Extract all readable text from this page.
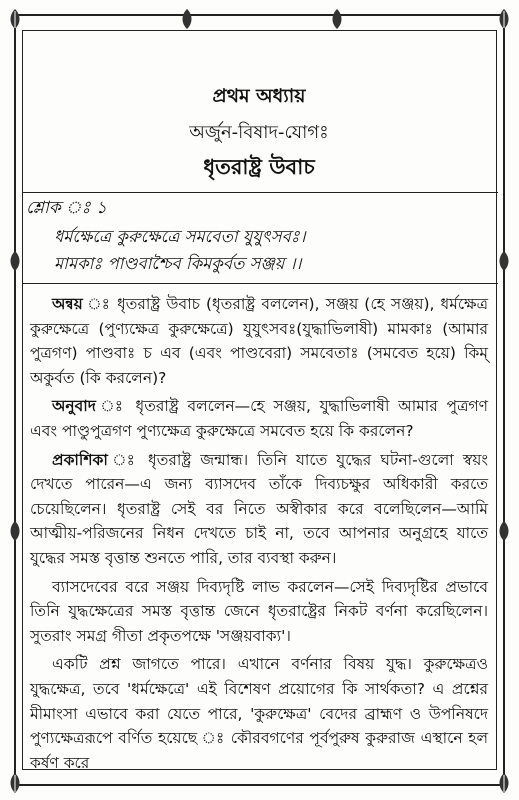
প্রথম অধ্যায়
অর্জুন-বিষাদ-যোগঃ
ধৃতরাষ্ট্র উবাচ
শ্লোক ঃ ১
ধর্মক্ষেত্রে কুরুক্ষেত্রে সমবেতা যুযুৎসবঃ।
মামকাঃ পাণ্ডবাশ্চৈব কিমকুর্বত সঞ্জয় ।।

অন্বয় ঃ ধৃতরাষ্ট্র উবাচ (ধৃতরাষ্ট্র বললেন), সঞ্জয় (হে সঞ্জয়), ধর্মক্ষেত্র কুরুক্ষেত্রে (পুণ্যক্ষেত্র কুরুক্ষেত্রে) যুযুৎসবঃ(যুদ্ধাভিলাষী) মামকাঃ (আমার পুত্রগণ) পাণ্ডবাঃ চ এব (এবং পাণ্ডবেরা) সমবেতাঃ (সমবেত হয়ে) কিম্ অকুর্বত (কি করলেন)?

অনুবাদ ঃ ধৃতরাষ্ট্র বললেন—হে সঞ্জয়, যুদ্ধাভিলাষী আমার পুত্রগণ এবং পাণ্ডুপুত্রগণ পুণ্যক্ষেত্র কুরুক্ষেত্রে সমবেত হয়ে কি করলেন?

প্রকাশিকা ঃ ধৃতরাষ্ট্র জন্মান্ধ। তিনি যাতে যুদ্ধের ঘটনা-গুলো স্বয়ং দেখতে পারেন—এ জন্য ব্যাসদেব তাঁকে দিব্যচক্ষুর অধিকারী করতে চেয়েছিলেন। ধৃতরাষ্ট্র সেই বর নিতে অস্বীকার করে বলেছিলেন—আমি আত্মীয়-পরিজনের নিধন দেখতে চাই না, তবে আপনার অনুগ্রহে যাতে যুদ্ধের সমস্ত বৃত্তান্ত শুনতে পারি, তার ব্যবস্থা করুন।

ব্যাসদেবের বরে সঞ্জয় দিব্যদৃষ্টি লাভ করলেন—সেই দিব্যদৃষ্টির প্রভাবে তিনি যুদ্ধক্ষেত্রের সমস্ত বৃত্তান্ত জেনে ধৃতরাষ্ট্রের নিকট বর্ণনা করেছিলেন। সুতরাং সমগ্র গীতা প্রকৃতপক্ষে 'সঞ্জয়বাক্য'।

একটি প্রশ্ন জাগতে পারে। এখানে বর্ণনার বিষয় যুদ্ধ। কুরুক্ষেত্রও যুদ্ধক্ষেত্র, তবে 'ধর্মক্ষেত্রে' এই বিশেষণ প্রয়োগের কি সার্থকতা? এ প্রশ্নের মীমাংসা এভাবে করা যেতে পারে, 'কুরুক্ষেত্র' বেদের ব্রাহ্মণ ও উপনিষদে পুণ্যক্ষেত্ররূপে বর্ণিত হয়েছে ঃ কৌরবগণের পূর্বপুরুষ কুরুরাজ এস্থানে হল কর্ষণ করে
